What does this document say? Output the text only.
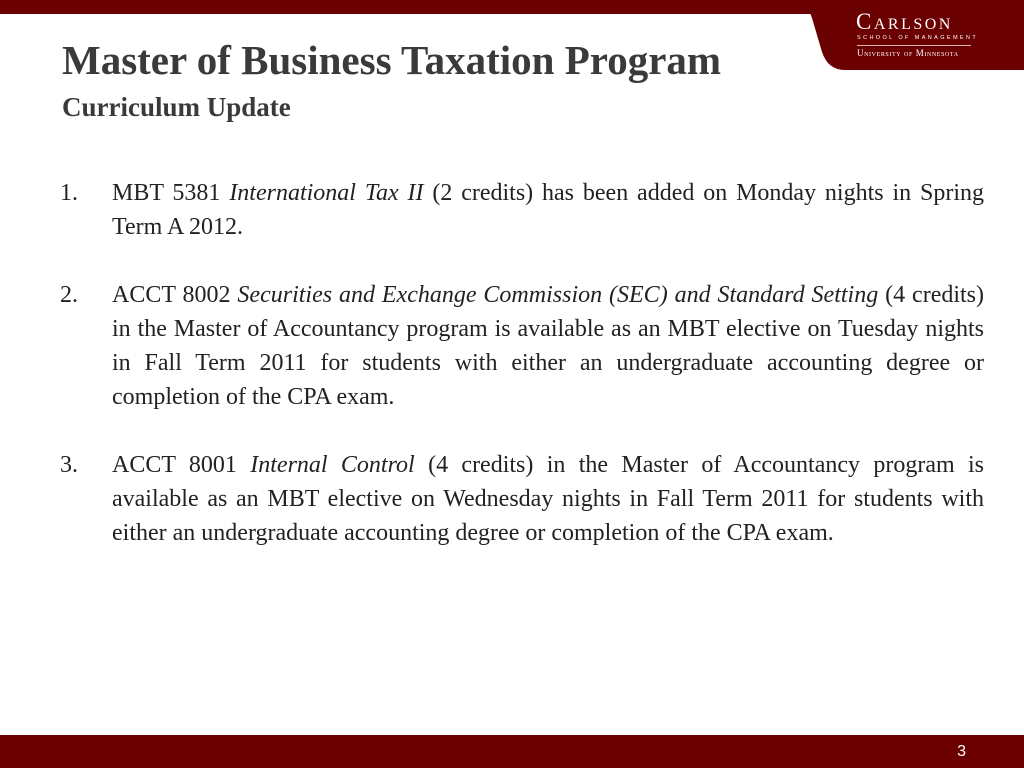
Carlson
SCHOOL OF MANAGEMENT
University of Minnesota
Master of Business Taxation Program
Curriculum Update
1. MBT 5381 International Tax II (2 credits) has been added on Monday nights in Spring Term A 2012.
2. ACCT 8002 Securities and Exchange Commission (SEC) and Standard Setting (4 credits) in the Master of Accountancy program is available as an MBT elective on Tuesday nights in Fall Term 2011 for students with either an undergraduate accounting degree or completion of the CPA exam.
3. ACCT 8001 Internal Control (4 credits) in the Master of Accountancy program is available as an MBT elective on Wednesday nights in Fall Term 2011 for students with either an undergraduate accounting degree or completion of the CPA exam.
3
